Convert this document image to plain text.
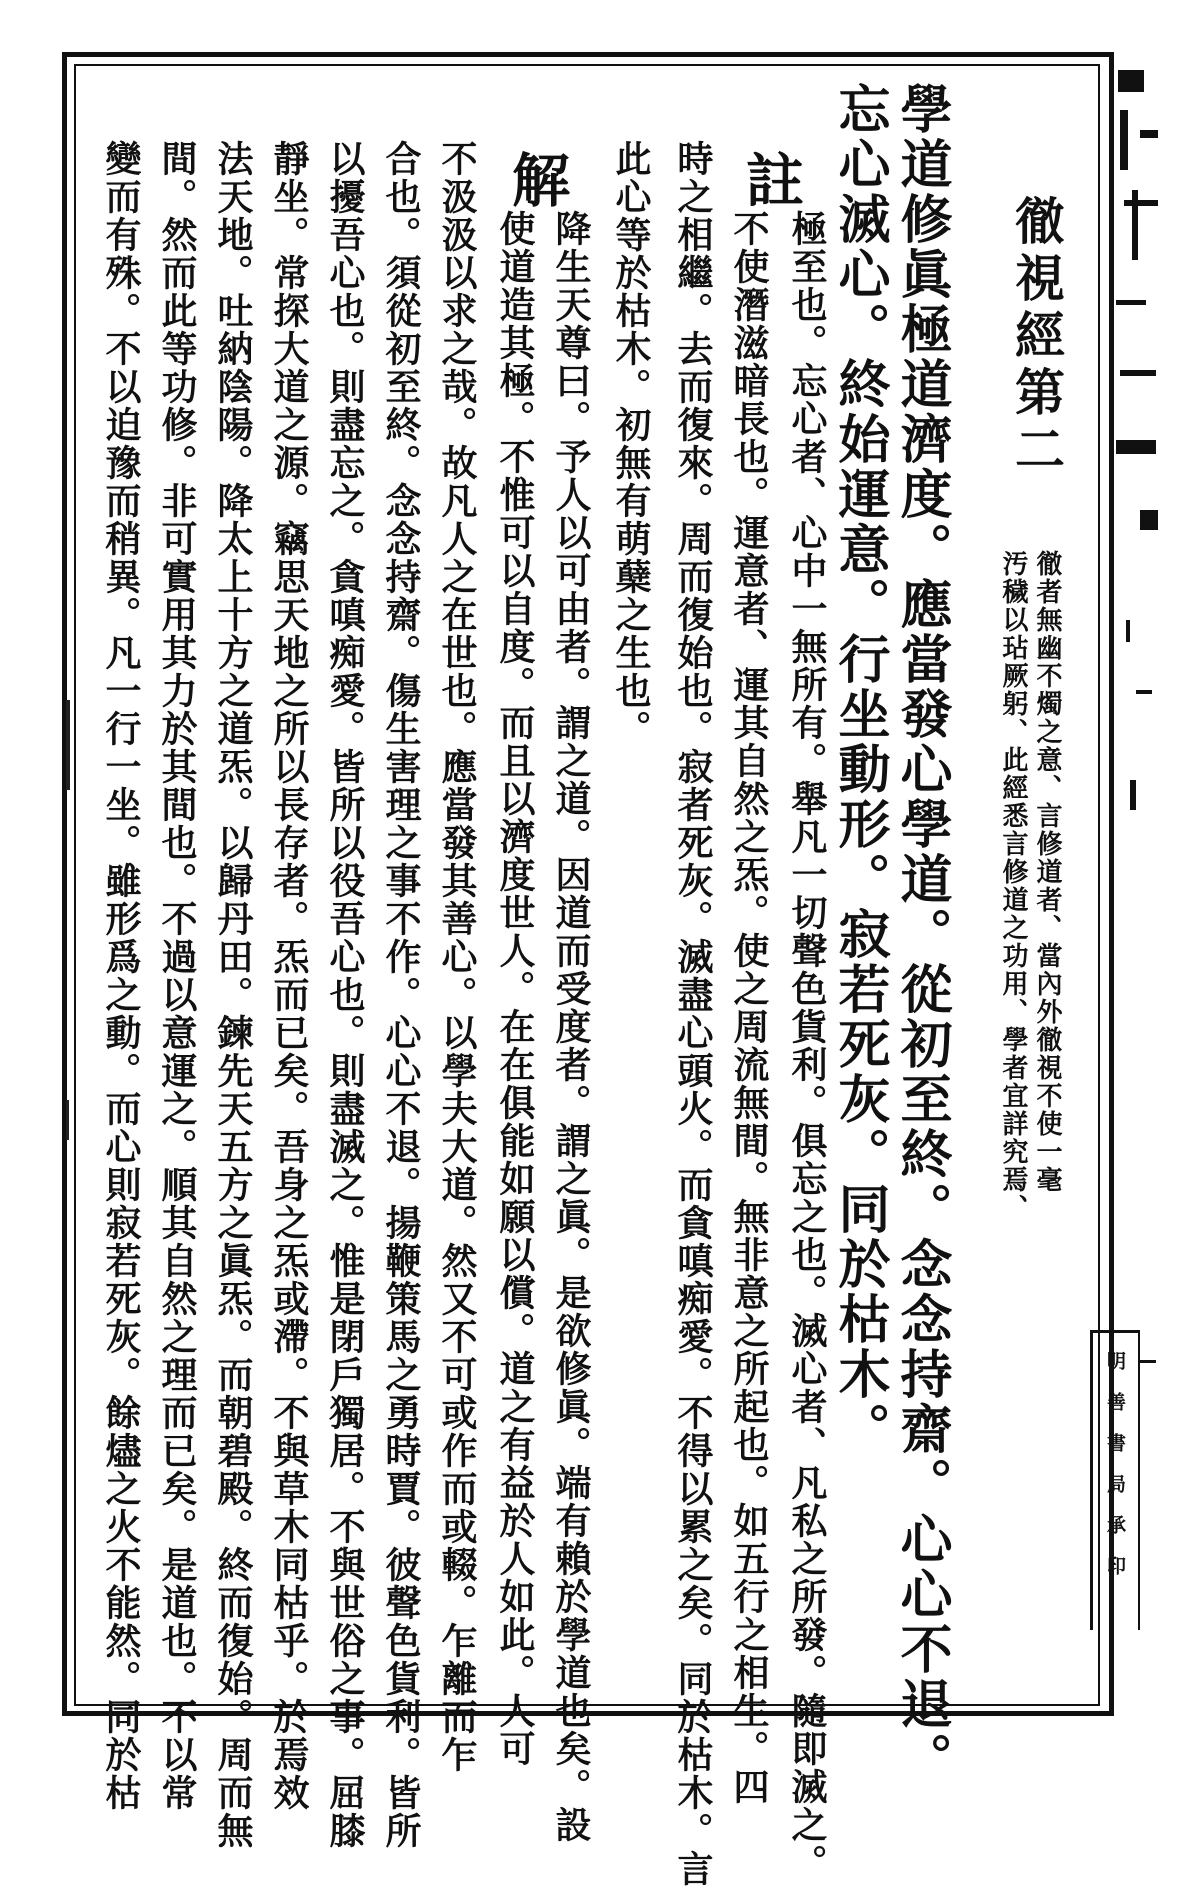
明善書局承印
徹視經第二
徹者無幽不燭之意、言修道者、當內外徹視不使一毫
汚穢以玷厥躬、此經悉言修道之功用、學者宜詳究焉、
學道修眞極道濟度。應當發心學道。從初至終。念念持齋。心心不退。
忘心滅心。終始運意。行坐動形。寂若死灰。同於枯木。
註
極至也。忘心者、心中一無所有。舉凡一切聲色貨利。俱忘之也。滅心者、凡私之所發。隨即滅之。
不使潛滋暗長也。運意者、運其自然之炁。使之周流無間。無非意之所起也。如五行之相生。四
時之相繼。去而復來。周而復始也。寂者死灰。滅盡心頭火。而貪嗔痴愛。不得以累之矣。同於枯木。言
此心等於枯木。初無有萌蘖之生也。
解
降生天尊曰。予人以可由者。謂之道。因道而受度者。謂之眞。是欲修眞。端有賴於學道也矣。設
使道造其極。不惟可以自度。而且以濟度世人。在在俱能如願以償。道之有益於人如此。人可
不汲汲以求之哉。故凡人之在世也。應當發其善心。以學夫大道。然又不可或作而或輟。乍離而乍
合也。須從初至終。念念持齋。傷生害理之事不作。心心不退。揚鞭策馬之勇時賈。彼聲色貨利。皆所
以擾吾心也。則盡忘之。貪嗔痴愛。皆所以役吾心也。則盡滅之。惟是閉戶獨居。不與世俗之事。屈膝
靜坐。常探大道之源。竊思天地之所以長存者。炁而已矣。吾身之炁或滯。不與草木同枯乎。於焉效
法天地。吐納陰陽。降太上十方之道炁。以歸丹田。鍊先天五方之眞炁。而朝碧殿。終而復始。周而無
間。然而此等功修。非可實用其力於其間也。不過以意運之。順其自然之理而已矣。是道也。不以常
變而有殊。不以迫豫而稍異。凡一行一坐。雖形爲之動。而心則寂若死灰。餘燼之火不能然。同於枯
